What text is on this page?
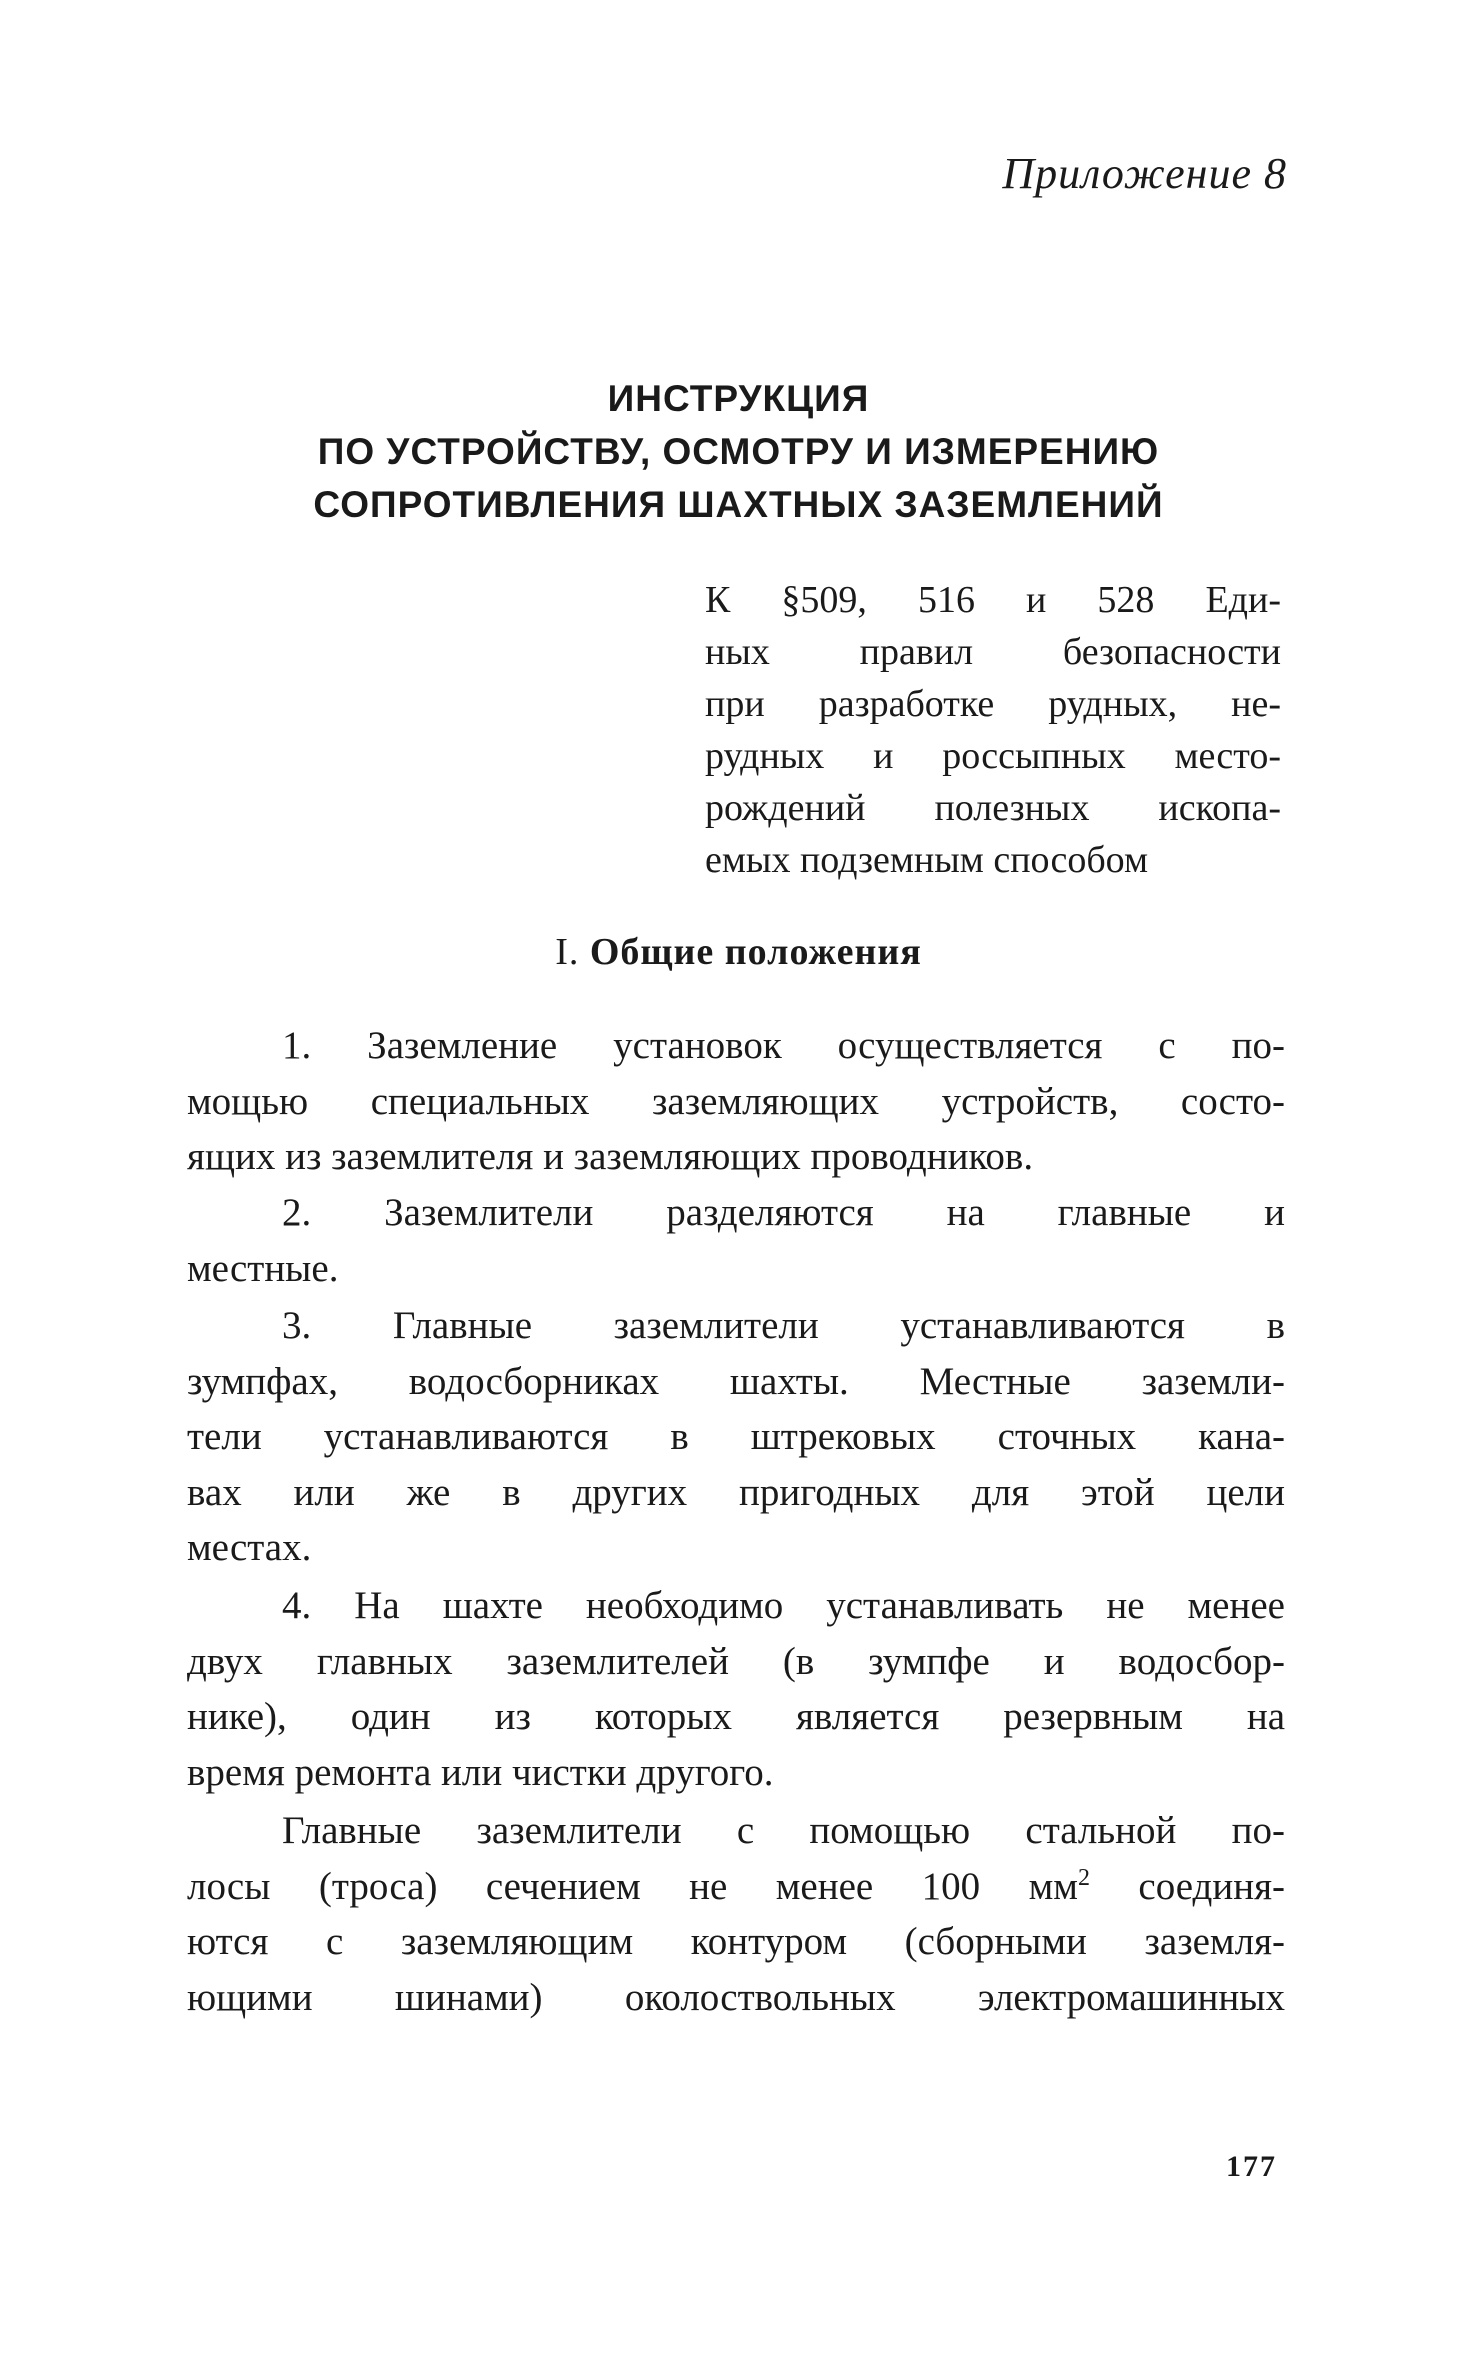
Приложение 8
ИНСТРУКЦИЯ
ПО УСТРОЙСТВУ, ОСМОТРУ И ИЗМЕРЕНИЮ
СОПРОТИВЛЕНИЯ ШАХТНЫХ ЗАЗЕМЛЕНИЙ
К §509, 516 и 528 Еди-
ных правил безопасности
при разработке рудных, не-
рудных и россыпных место-
рождений полезных ископа-
емых подземным способом
I. Общие положения
1. Заземление установок осуществляется с по-
мощью специальных заземляющих устройств, состо-
ящих из заземлителя и заземляющих проводников.
2. Заземлители разделяются на главные и
местные.
3. Главные заземлители устанавливаются в
зумпфах, водосборниках шахты. Местные заземли-
тели устанавливаются в штрековых сточных кана-
вах или же в других пригодных для этой цели
местах.
4. На шахте необходимо устанавливать не менее
двух главных заземлителей (в зумпфе и водосбор-
нике), один из которых является резервным на
время ремонта или чистки другого.
Главные заземлители с помощью стальной по-
лосы (троса) сечением не менее 100 $мм^2$ соединя-
ются с заземляющим контуром (сборными заземля-
ющими шинами) околоствольных электромашинных
177
